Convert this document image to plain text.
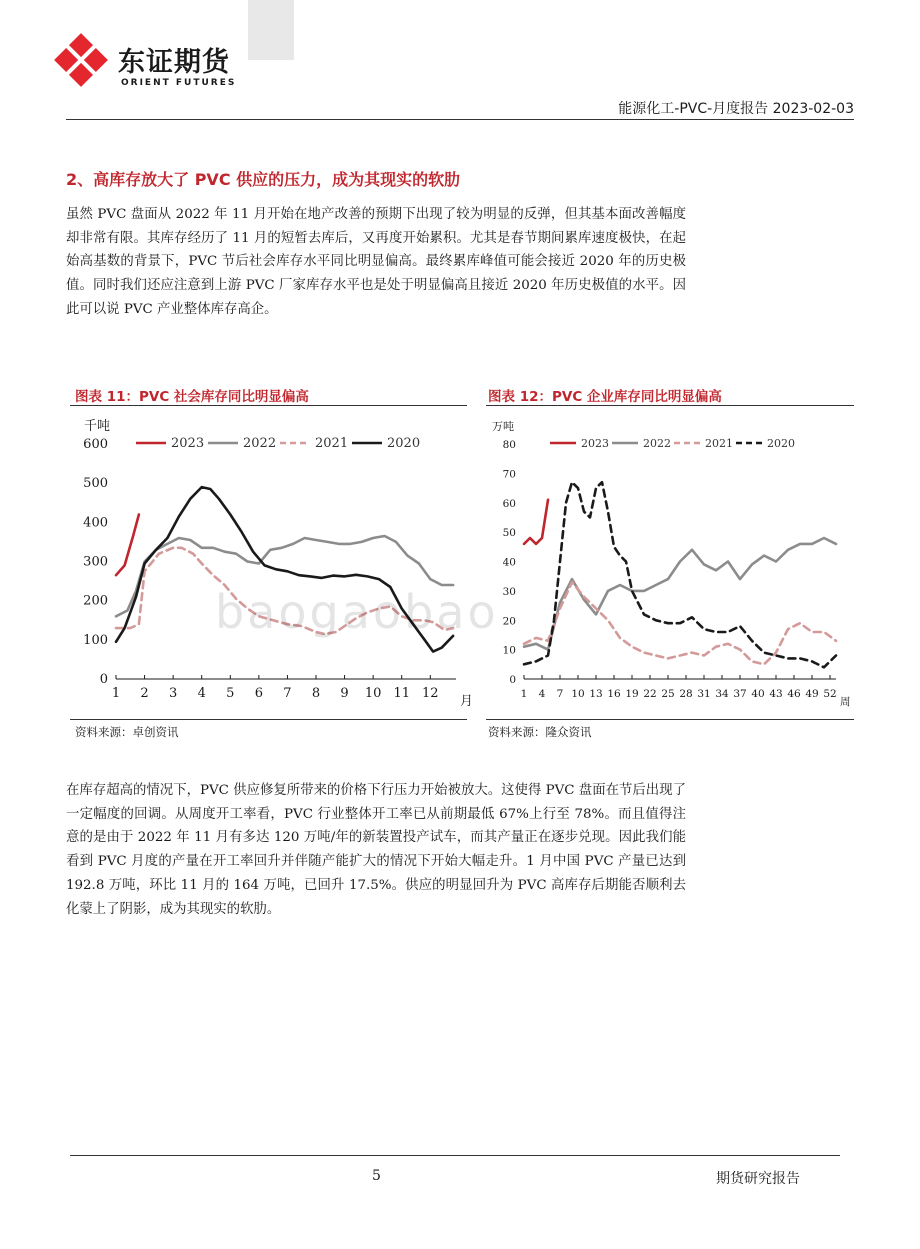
东证期货
ORIENT FUTURES
能源化工-PVC-月度报告 2023-02-03
2、高库存放大了 PVC 供应的压力，成为其现实的软肋
虽然 PVC 盘面从 2022 年 11 月开始在地产改善的预期下出现了较为明显的反弹，但其基本面改善幅度却非常有限。其库存经历了 11 月的短暂去库后，又再度开始累积。尤其是春节期间累库速度极快，在起始高基数的背景下，PVC 节后社会库存水平同比明显偏高。最终累库峰值可能会接近 2020 年的历史极值。同时我们还应注意到上游 PVC 厂家库存水平也是处于明显偏高且接近 2020 年历史极值的水平。因此可以说 PVC 产业整体库存高企。
图表 11：PVC 社会库存同比明显偏高
千吨
0
100
200
300
400
500
600
1 2 3 4 5 6 7 8 9 10 11 12
月
2023	2022	2021	2020
资料来源：卓创资讯
图表 12：PVC 企业库存同比明显偏高
万吨
0
10
20
30
40
50
60
70
80
1 4 7 10 13 16 19 22 25 28 31 34 37 40 43 46 49 52
周
2023	2022	2021	2020
资料来源：隆众资讯
baogaobao
在库存超高的情况下，PVC 供应修复所带来的价格下行压力开始被放大。这使得 PVC 盘面在节后出现了一定幅度的回调。从周度开工率看，PVC 行业整体开工率已从前期最低 67%上行至 78%。而且值得注意的是由于 2022 年 11 月有多达 120 万吨/年的新装置投产试车，而其产量正在逐步兑现。因此我们能看到 PVC 月度的产量在开工率回升并伴随产能扩大的情况下开始大幅走升。1 月中国 PVC 产量已达到 192.8 万吨，环比 11 月的 164 万吨，已回升 17.5%。供应的明显回升为 PVC 高库存后期能否顺利去化蒙上了阴影，成为其现实的软肋。
5	期货研究报告
